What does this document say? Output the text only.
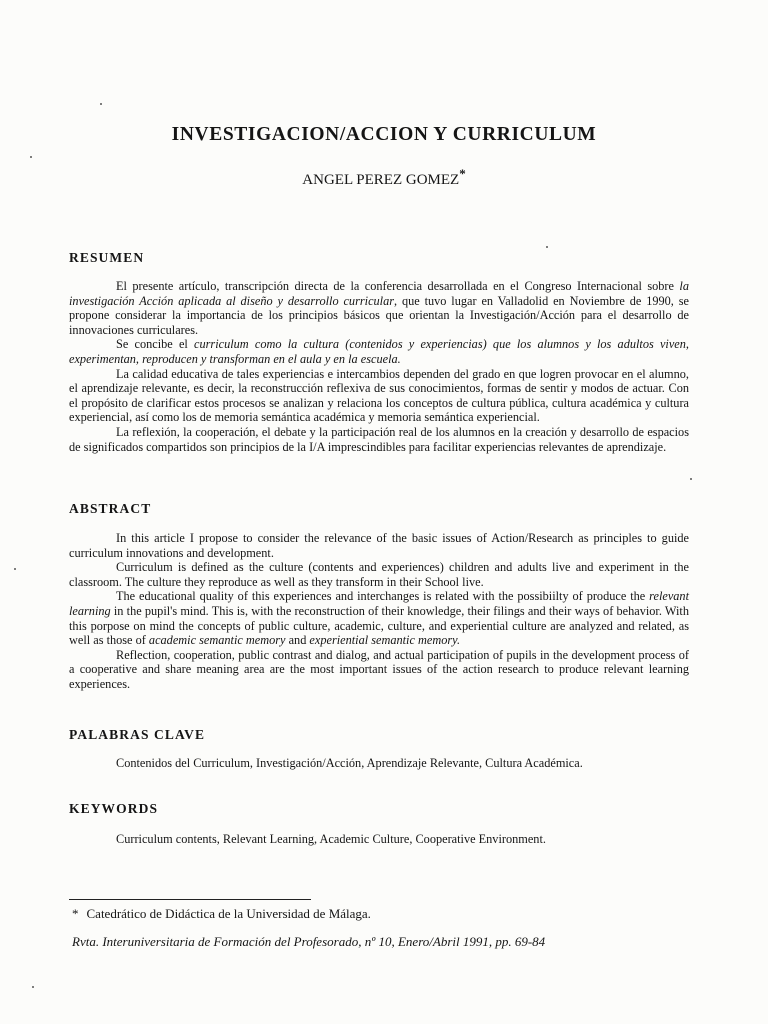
INVESTIGACION/ACCION Y CURRICULUM
ANGEL PEREZ GOMEZ*
RESUMEN

El presente artículo, transcripción directa de la conferencia desarrollada en el Congreso Internacional sobre la investigación Acción aplicada al diseño y desarrollo curricular, que tuvo lugar en Valladolid en Noviembre de 1990, se propone considerar la importancia de los principios básicos que orientan la Investigación/Acción para el desarrollo de innovaciones curriculares.

Se concibe el curriculum como la cultura (contenidos y experiencias) que los alumnos y los adultos viven, experimentan, reproducen y transforman en el aula y en la escuela.

La calidad educativa de tales experiencias e intercambios dependen del grado en que logren provocar en el alumno, el aprendizaje relevante, es decir, la reconstrucción reflexiva de sus conocimientos, formas de sentir y modos de actuar. Con el propósito de clarificar estos procesos se analizan y relaciona los conceptos de cultura pública, cultura académica y cultura experiencial, así como los de memoria semántica académica y memoria semántica experiencial.

La reflexión, la cooperación, el debate y la participación real de los alumnos en la creación y desarrollo de espacios de significados compartidos son principios de la I/A imprescindibles para facilitar experiencias relevantes de aprendizaje.

ABSTRACT

In this article I propose to consider the relevance of the basic issues of Action/Research as principles to guide curriculum innovations and development.

Curriculum is defined as the culture (contents and experiences) children and adults live and experiment in the classroom. The culture they reproduce as well as they transform in their School live.

The educational quality of this experiences and interchanges is related with the possibiilty of produce the relevant learning in the pupil's mind. This is, with the reconstruction of their knowledge, their filings and their ways of behavior. With this porpose on mind the concepts of public culture, academic, culture, and experiential culture are analyzed and related, as well as those of academic semantic memory and experiential semantic memory.

Reflection, cooperation, public contrast and dialog, and actual participation of pupils in the development process of a cooperative and share meaning area are the most important issues of the action research to produce relevant learning experiences.

PALABRAS CLAVE

Contenidos del Curriculum, Investigación/Acción, Aprendizaje Relevante, Cultura Académica.

KEYWORDS

Curriculum contents, Relevant Learning, Academic Culture, Cooperative Environment.

* Catedrático de Didáctica de la Universidad de Málaga.
Rvta. Interuniversitaria de Formación del Profesorado, nº 10, Enero/Abril 1991, pp. 69-84
